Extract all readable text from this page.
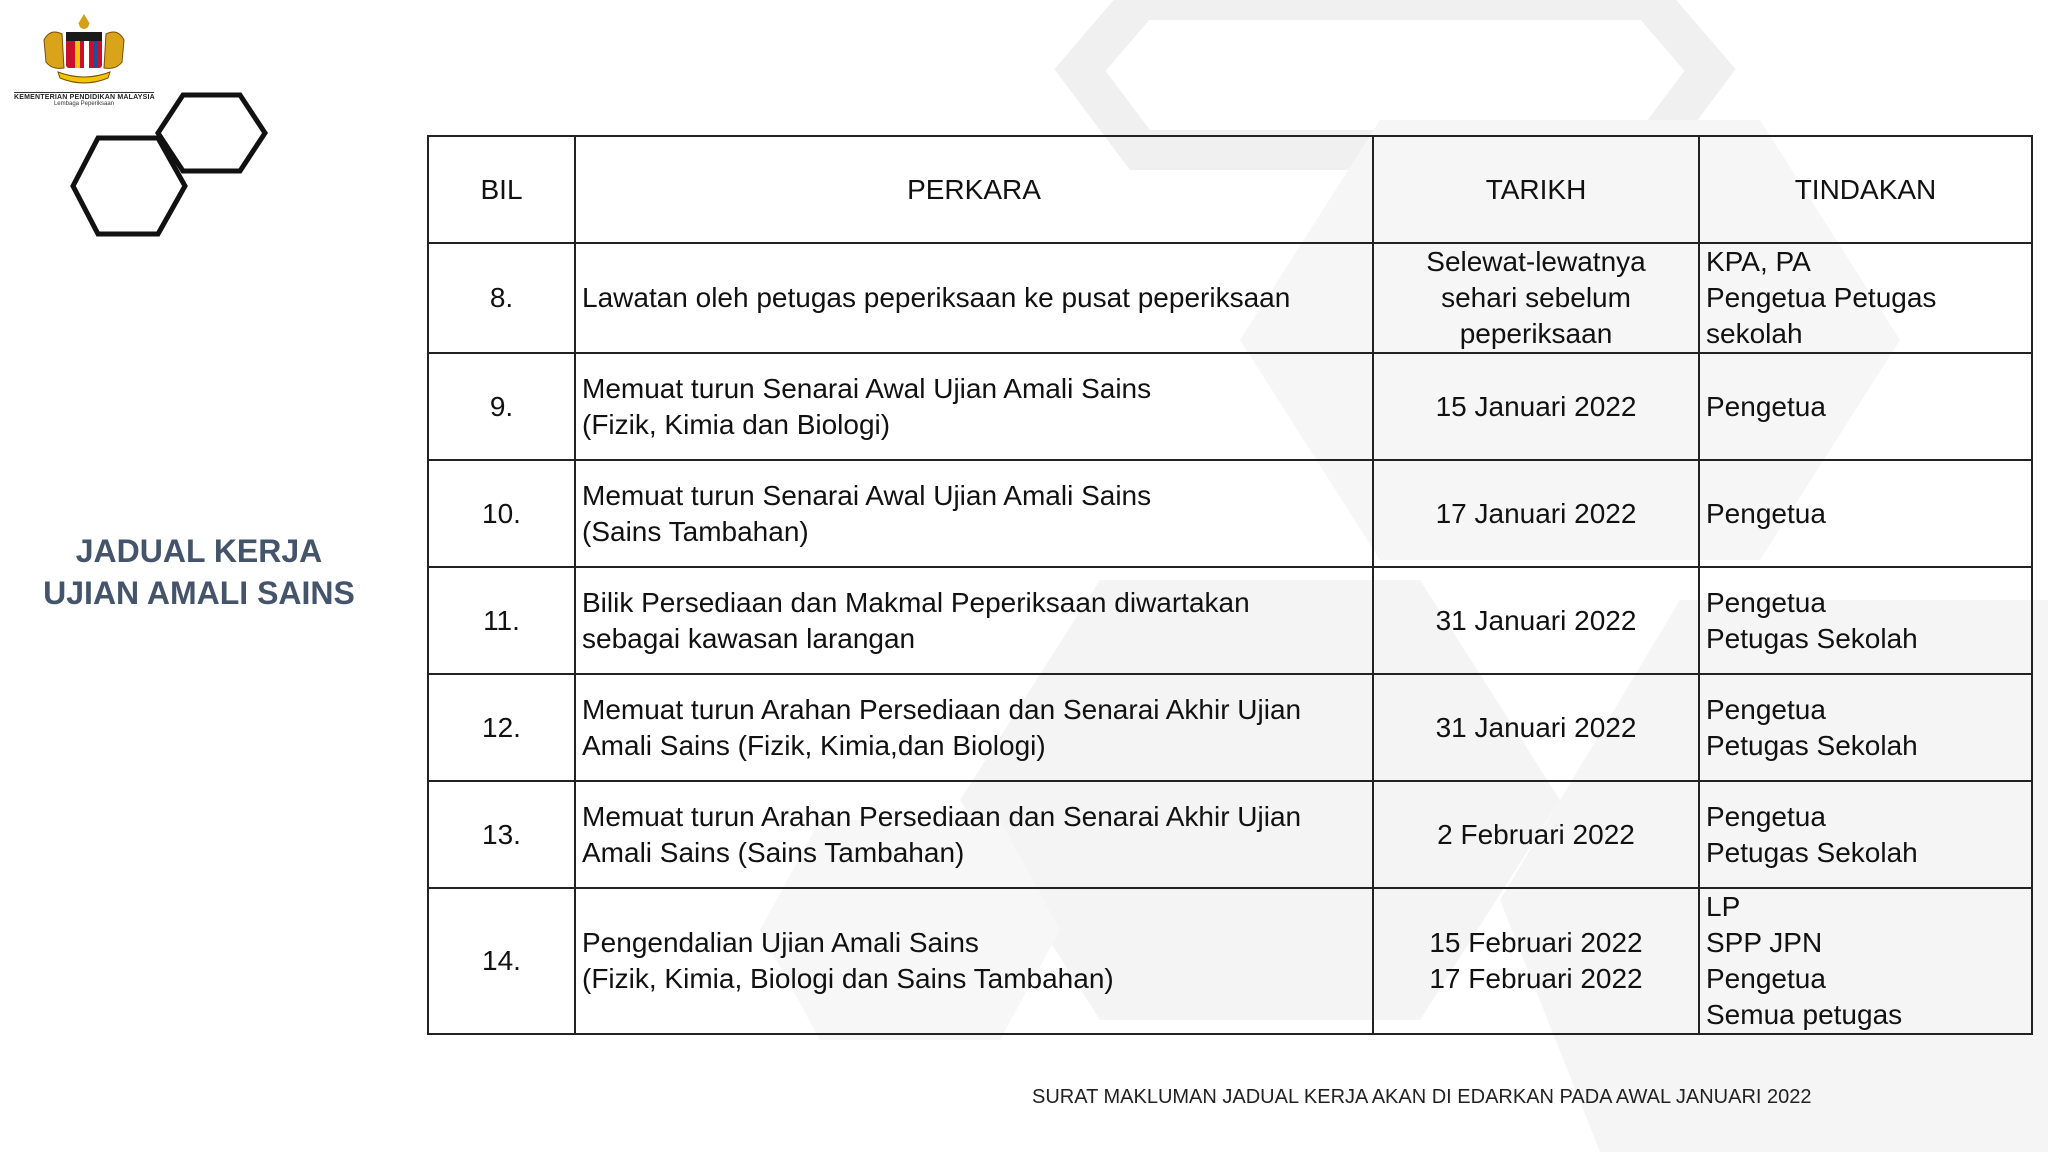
KEMENTERIAN PENDIDIKAN MALAYSIA
Lembaga Peperiksaan
JADUAL KERJA
UJIAN AMALI SAINS
BIL	PERKARA	TARIKH	TINDAKAN
8.	Lawatan oleh petugas peperiksaan ke pusat peperiksaan	Selewat-lewatnya
sehari sebelum
peperiksaan	KPA, PA
Pengetua Petugas
sekolah

9.	Memuat turun Senarai Awal Ujian Amali Sains
(Fizik, Kimia dan Biologi)	15 Januari 2022	Pengetua

10.	Memuat turun Senarai Awal Ujian Amali Sains
(Sains Tambahan)	17 Januari 2022	Pengetua

11.	Bilik Persediaan dan Makmal Peperiksaan diwartakan
sebagai kawasan larangan	31 Januari 2022	Pengetua
Petugas Sekolah

12.	Memuat turun Arahan Persediaan dan Senarai Akhir Ujian
Amali Sains (Fizik, Kimia,dan Biologi)	31 Januari 2022	Pengetua
Petugas Sekolah

13.	Memuat turun Arahan Persediaan dan Senarai Akhir Ujian
Amali Sains (Sains Tambahan)	2 Februari 2022	Pengetua
Petugas Sekolah

14.	Pengendalian Ujian Amali Sains
(Fizik, Kimia, Biologi dan Sains Tambahan)	15 Februari 2022
17 Februari 2022	LP
SPP JPN
Pengetua
Semua petugas
SURAT MAKLUMAN JADUAL KERJA AKAN DI EDARKAN PADA AWAL JANUARI 2022
